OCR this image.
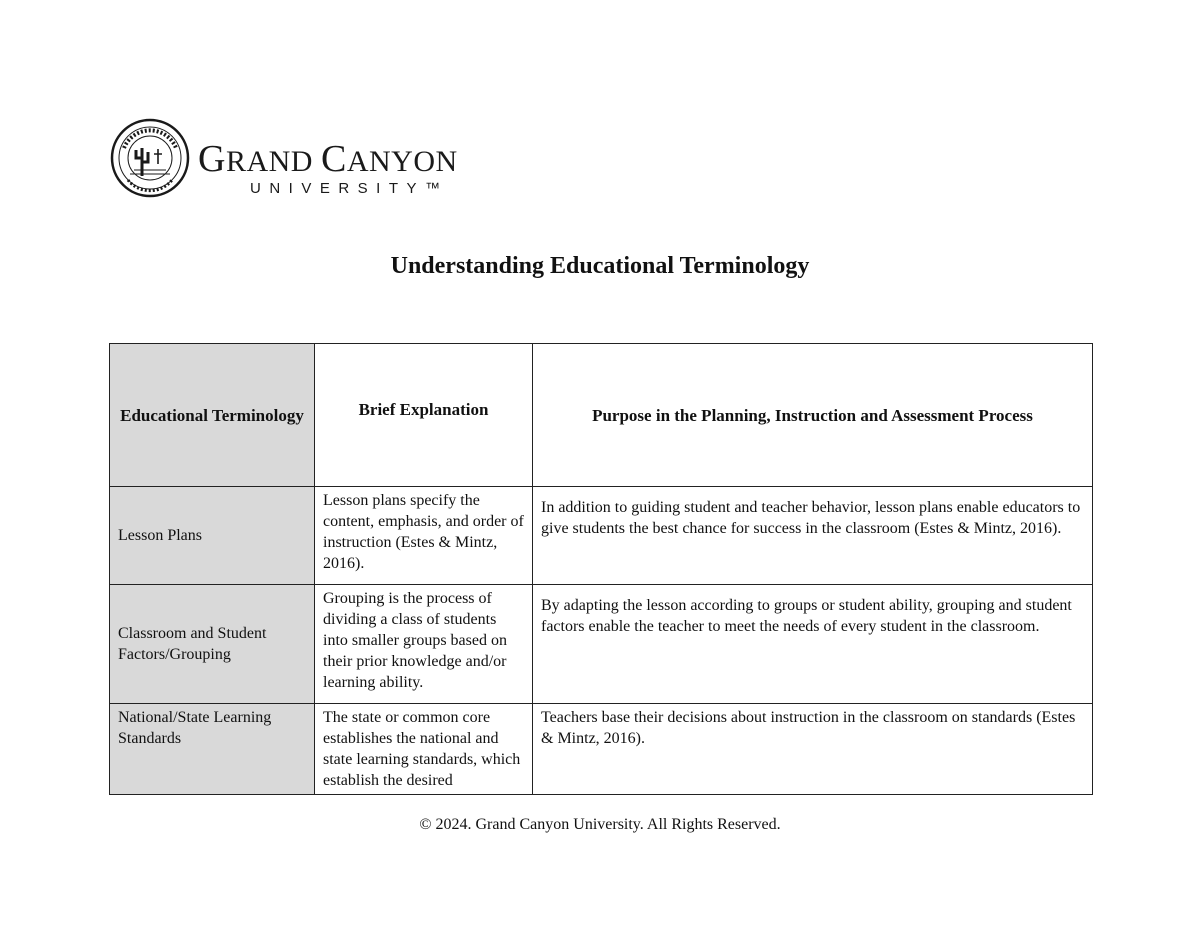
GRAND CANYON
UNIVERSITY™
Understanding Educational Terminology
Educational Terminology	Brief Explanation	Purpose in the Planning, Instruction and Assessment Process
Lesson Plans	Lesson plans specify the content, emphasis, and order of instruction (Estes & Mintz, 2016).	In addition to guiding student and teacher behavior, lesson plans enable educators to give students the best chance for success in the classroom (Estes & Mintz, 2016).
Classroom and Student Factors/Grouping	Grouping is the process of dividing a class of students into smaller groups based on their prior knowledge and/or learning ability.	By adapting the lesson according to groups or student ability, grouping and student factors enable the teacher to meet the needs of every student in the classroom.
National/State Learning Standards	The state or common core establishes the national and state learning standards, which establish the desired	Teachers base their decisions about instruction in the classroom on standards (Estes & Mintz, 2016).
© 2024. Grand Canyon University. All Rights Reserved.
